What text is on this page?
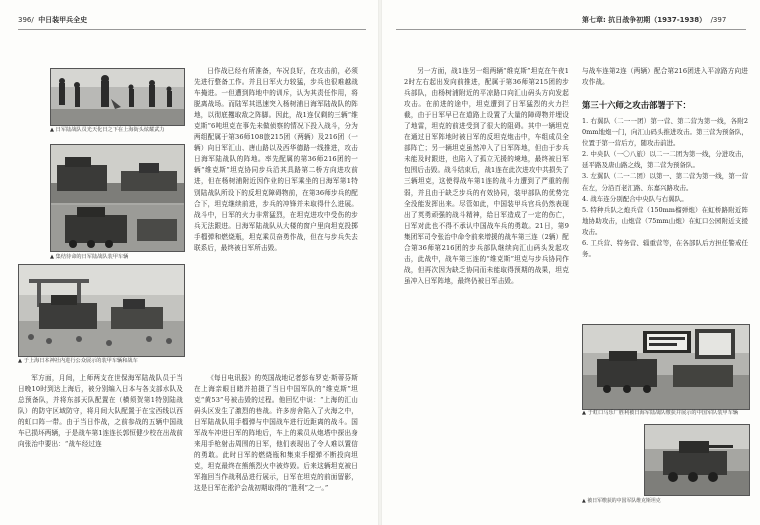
396/ 中日装甲兵全史
▲ 日军陆战队员光天化日之下在上海街头炫耀武力
▲ 集结待命的日军陆战队装甲车辆
▲ 于上海日本神社内进行公众展示的装甲车辆和战车

日作战已经有所准备，车况良好，在攻击前，必须先进行整备工作。并且日军火力较猛，步兵也很难越战车掩进。一但遭到阵地中的训斥，认为其责任作用，将脱离战场。而陆军其迅速突入杨树浦日海军陆战队的阵地，以彻底攫取敌之阵脚。因此，战1连仅剩的三辆“维克斯”6吨坦克在事先未做侦察的情况下投入战斗，分为两组配属于第36师108旅215团（两辆）及216团（一辆）向日军汇山、唐山路以及西华德路一线推进，攻击日海军陆战队的阵地。率先配属的第36师216团的一辆“维克斯”坦克协同步兵沿其具路第二桥方向进攻前进，但在杨树浦附近因作业的日军乘坐的日海军第1特别陆战队所设下的反坦克障碍物前，在第36师步兵的配合下，坦克继续前进，步兵的冲锋并未取得什么进展。战斗中，日军的火力非常猛烈，在坦克进攻中受伤的步兵无法跟进。日海军陆战队从大楼的窗户里向坦克投掷手榴弹和燃烧瓶，坦克乘员奋勇作战，但在与步兵失去联系后，最终被日军所击毁。

军方面，月间，上师两支在世保海军陆战队员于当日晚10时到达上海后，被分别编入日本与各支部水队及总预备队，并将东部天队配置在（横须贺第1特别陆战队）的防守区域防守，将月间大队配置于在宝西线以西的虹口阵一带。由于当日作战，之前参战的五辆中国战车已损坏两辆，于是战车第1连连长郭恒健少校在出战前向张治中要出：“战车经过连

《每日电讯报》的英国战地记者彭布罗克·斯蒂芬斯在上海亲眼目睹并拍摄了当日中国军队的“维克斯”坦克“黄53”号被击毁的过程。他回忆中说：“上海的汇山码头区发生了激烈的巷战。许多房舍陷入了火海之中，日军陆战队用手榴弹与中国战车进行近距离的战斗。国军战车冲进日军的阵地后，车上的乘员从炮塔中探出身来用手枪射击周围的日军，他们表现出了令人难以置信的勇敢。此时日军的燃烧瓶和集束手榴弹不断投向坦克，坦克最终在熊熊烈火中被炸毁。后来这辆坦克被日军拖回当作战利品进行展示，日军在坦克的前面留影，这是日军在淞沪会战初期取得的“胜利”之一。”

第七章: 抗日战争初期（1937-1938） /397

另一方面，战1连另一组两辆“维克斯”坦克在午夜12时左右起出发向前推进，配属于第36师第215团的步兵部队，由杨树浦附近的平凉路口向汇山码头方向发起攻击。在前进的途中，坦克遭到了日军猛烈的火力拦截，由于日军早已在道路上设置了大量的障碍物并埋设了地雷，坦克的前进受到了很大的阻碍。其中一辆坦克在通过日军阵地时被日军的反坦克炮击中，车组成员全部阵亡；另一辆坦克虽然冲入了日军阵地，但由于步兵未能及时跟进，也陷入了孤立无援的境地，最终被日军包围后击毁。战斗结束后，战1连在此次进攻中共损失了三辆坦克，这使得战车第1连的战斗力遭到了严重的削弱，并且由于缺乏步兵的有效协同，装甲部队的优势完全没能发挥出来。尽管如此，中国装甲兵官兵仍然表现出了英勇顽强的战斗精神，给日军造成了一定的伤亡，日军对此也不得不承认中国战车兵的勇敢。21日，第9集团军司令张治中命令前来增援的战车第三连（2辆）配合第36师第216团的步兵部队继续向汇山码头发起攻击，此战中，战车第三连的“维克斯”坦克与步兵协同作战，但再次因为缺乏协同而未能取得预期的战果，坦克虽冲入日军阵地，最终仍被日军击毁。

与战车连第2连（两辆）配合第216团进入平凉路方向进攻作战。

第三十六师之攻击部署于下：

1. 右翼队（二一一团）第一营、第二营为第一线，各附20mm地炮一门，向汇山码头推进攻击。第三营为预备队，位置于第一营后方，随攻击前进。

2. 中央队（一〇八旅）以二一二团为第一线，分进攻击，延平路及唐山路之线，第二营为预备队。

3. 左翼队（二一二团）以第一、第二营为第一线，第一营在左，分沿百老汇路、东嘉兴路攻击。

4. 战车连分别配合中央队与右翼队。

5. 特种兵队之炮兵营（150mm榴弹炮）在虹桥路附近阵地协助攻击，山炮营（75mm山炮）在虹口公园附近支援攻击。

6. 工兵营、特务营、辎重营等，在各部队后方担任警戒任务。

▲ 于虹口马乐厂胜利被日海军陆战队缴获并展示的中国军队装甲车辆
▲ 被日军缴获的中国军队维克斯坦克
